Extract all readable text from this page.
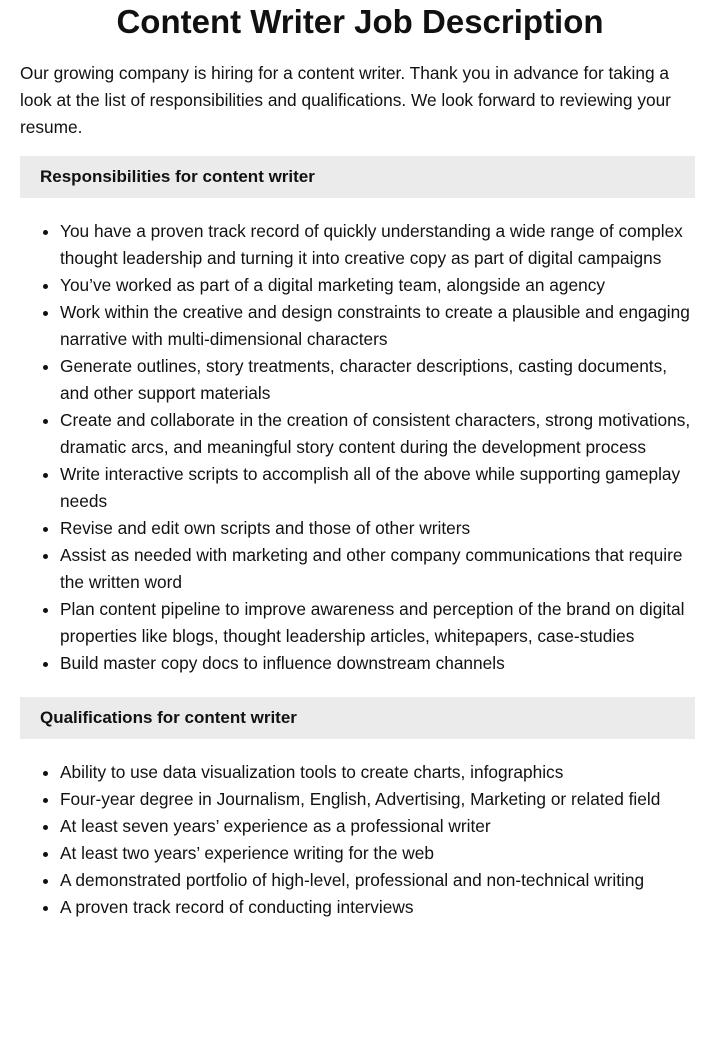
Content Writer Job Description

Our growing company is hiring for a content writer. Thank you in advance for taking a look at the list of responsibilities and qualifications. We look forward to reviewing your resume.

Responsibilities for content writer
• You have a proven track record of quickly understanding a wide range of complex thought leadership and turning it into creative copy as part of digital campaigns
• You’ve worked as part of a digital marketing team, alongside an agency
• Work within the creative and design constraints to create a plausible and engaging narrative with multi-dimensional characters
• Generate outlines, story treatments, character descriptions, casting documents, and other support materials
• Create and collaborate in the creation of consistent characters, strong motivations, dramatic arcs, and meaningful story content during the development process
• Write interactive scripts to accomplish all of the above while supporting gameplay needs
• Revise and edit own scripts and those of other writers
• Assist as needed with marketing and other company communications that require the written word
• Plan content pipeline to improve awareness and perception of the brand on digital properties like blogs, thought leadership articles, whitepapers, case-studies
• Build master copy docs to influence downstream channels
Qualifications for content writer
• Ability to use data visualization tools to create charts, infographics
• Four-year degree in Journalism, English, Advertising, Marketing or related field
• At least seven years’ experience as a professional writer
• At least two years’ experience writing for the web
• A demonstrated portfolio of high-level, professional and non-technical writing
• A proven track record of conducting interviews
